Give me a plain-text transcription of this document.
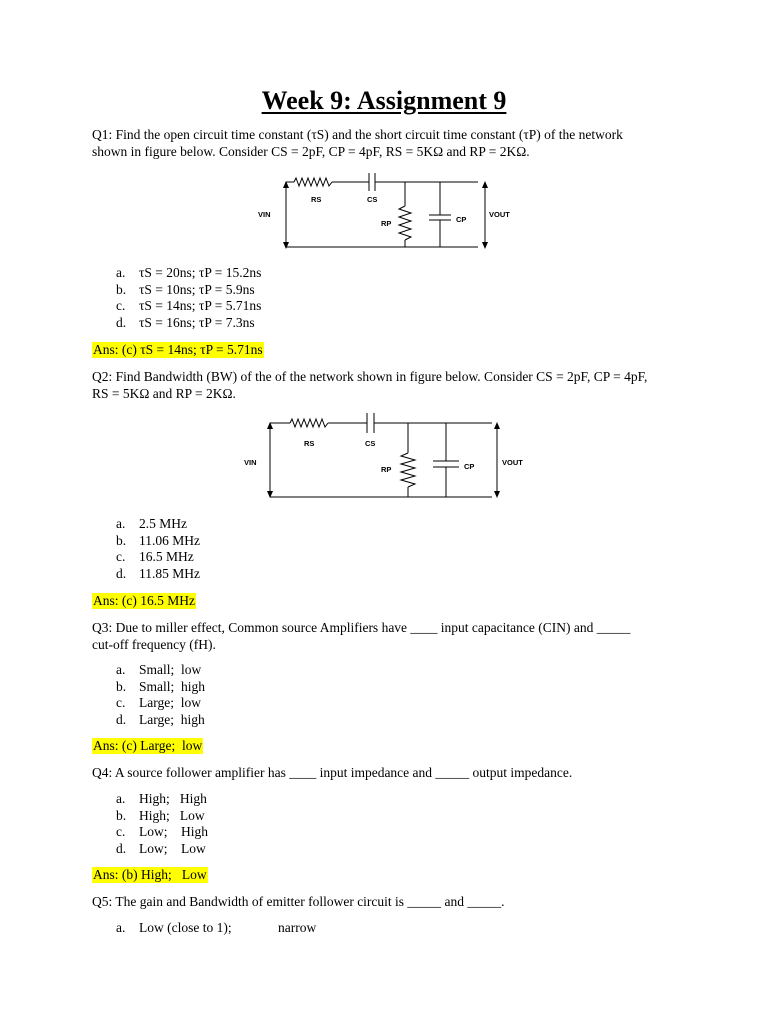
Week 9: Assignment 9
Q1: Find the open circuit time constant (τS) and the short circuit time constant (τP) of the network
shown in figure below. Consider CS = 2pF, CP = 4pF, RS = 5KΩ and RP = 2KΩ.
VIN	VOUT
RS	CS
RP	CP
a. τS = 20ns; τP = 15.2ns
b. τS = 10ns; τP = 5.9ns
c. τS = 14ns; τP = 5.71ns
d. τS = 16ns; τP = 7.3ns
Ans: (c) τS = 14ns; τP = 5.71ns
Q2: Find Bandwidth (BW) of the of the network shown in figure below. Consider CS = 2pF, CP = 4pF,
RS = 5KΩ and RP = 2KΩ.
VIN	VOUT
RS	CS
RP	CP
a. 2.5 MHz
b. 11.06 MHz
c. 16.5 MHz
d. 11.85 MHz
Ans: (c) 16.5 MHz
Q3: Due to miller effect, Common source Amplifiers have ____ input capacitance (CIN) and _____
cut-off frequency (fH).
a. Small;  low
b. Small;  high
c. Large;  low
d. Large;  high
Ans: (c) Large;  low
Q4: A source follower amplifier has ____ input impedance and _____ output impedance.
a. High;   High
b. High;   Low
c. Low;    High
d. Low;    Low
Ans: (b) High;   Low
Q5: The gain and Bandwidth of emitter follower circuit is _____ and _____.
a. Low (close to 1);	narrow
